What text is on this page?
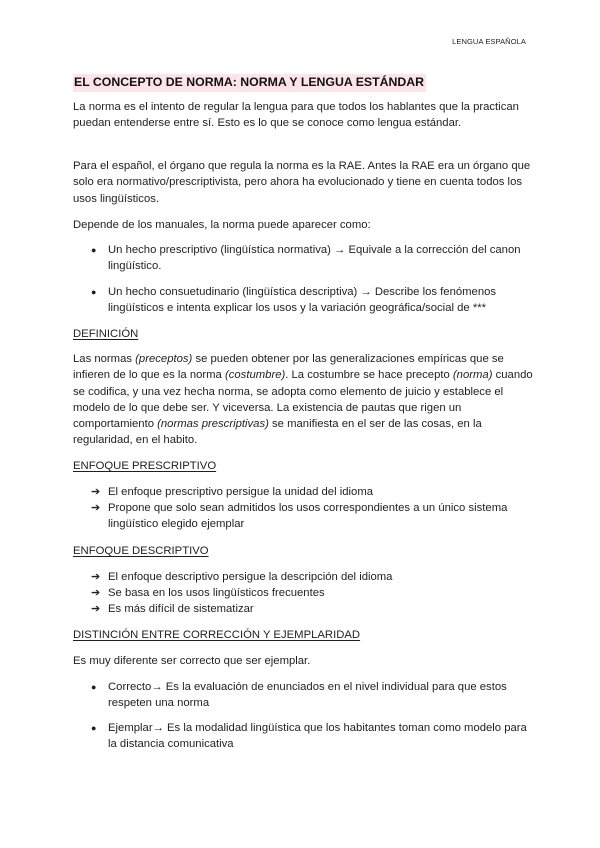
LENGUA ESPAÑOLA
EL CONCEPTO DE NORMA: NORMA Y LENGUA ESTÁNDAR

La norma es el intento de regular la lengua para que todos los hablantes que la practican puedan entenderse entre sí. Esto es lo que se conoce como lengua estándar.

Para el español, el órgano que regula la norma es la RAE. Antes la RAE era un órgano que solo era normativo/prescriptivista, pero ahora ha evolucionado y tiene en cuenta todos los usos lingüísticos.

Depende de los manuales, la norma puede aparecer como:

●	Un hecho prescriptivo (lingüística normativa) → Equivale a la corrección del canon lingüístico.
●	Un hecho consuetudinario (lingüística descriptiva) → Describe los fenómenos lingüísticos e intenta explicar los usos y la variación geográfica/social de ***
DEFINICIÓN

Las normas (preceptos) se pueden obtener por las generalizaciones empíricas que se infieren de lo que es la norma (costumbre). La costumbre se hace precepto (norma) cuando se codifica, y una vez hecha norma, se adopta como elemento de juicio y establece el modelo de lo que debe ser. Y viceversa. La existencia de pautas que rigen un comportamiento (normas prescriptivas) se manifiesta en el ser de las cosas, en la regularidad, en el habito.

ENFOQUE PRESCRIPTIVO
➔ El enfoque prescriptivo persigue la unidad del idioma
➔ Propone que solo sean admitidos los usos correspondientes a un único sistema lingüístico elegido ejemplar
ENFOQUE DESCRIPTIVO
➔ El enfoque descriptivo persigue la descripción del idioma
➔ Se basa en los usos lingüísticos frecuentes
➔ Es más difícil de sistematizar
DISTINCIÓN ENTRE CORRECCIÓN Y EJEMPLARIDAD

Es muy diferente ser correcto que ser ejemplar.

●	Correcto→ Es la evaluación de enunciados en el nivel individual para que estos respeten una norma
●	Ejemplar→ Es la modalidad lingüística que los habitantes toman como modelo para la distancia comunicativa
